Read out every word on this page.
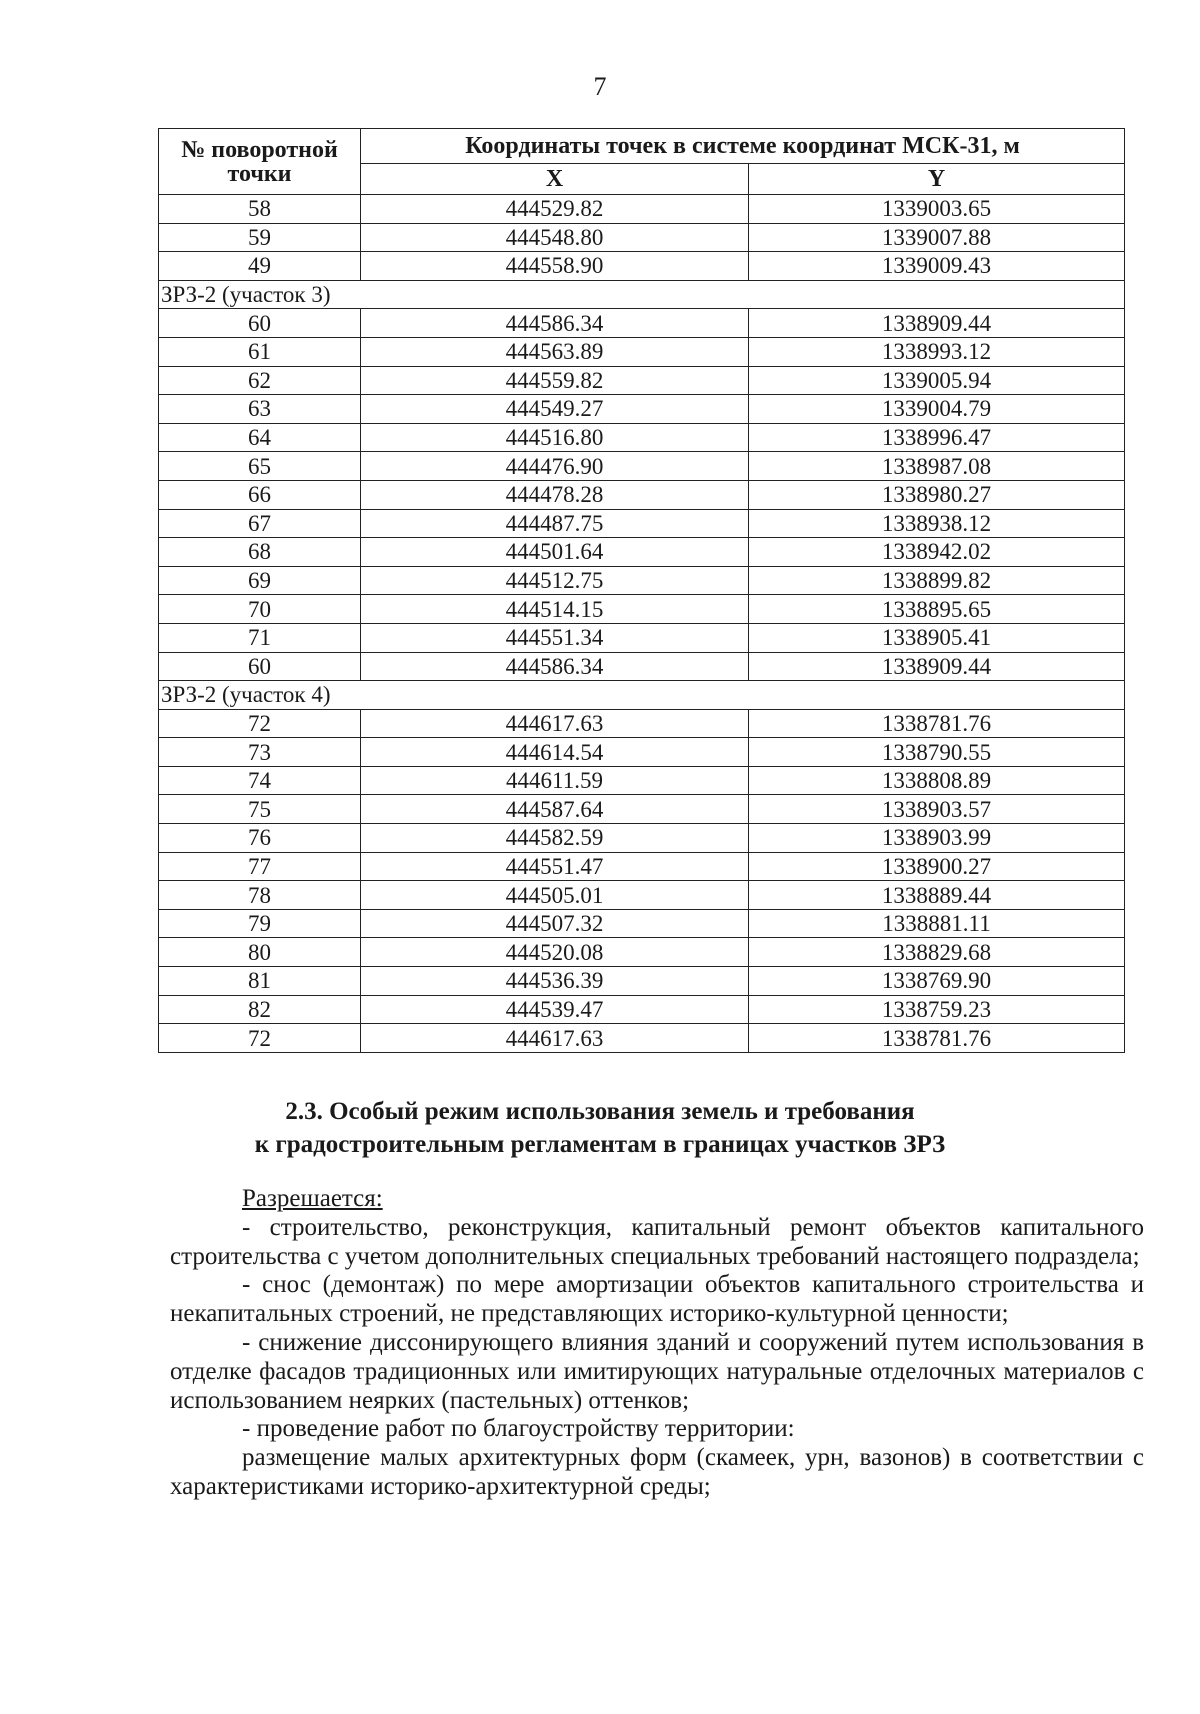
7
№ поворотной точки	Координаты точек в системе координат МСК-31, м	
	X	Y
58	444529.82	1339003.65
59	444548.80	1339007.88
49	444558.90	1339009.43
ЗРЗ-2 (участок 3)		
60	444586.34	1338909.44
61	444563.89	1338993.12
62	444559.82	1339005.94
63	444549.27	1339004.79
64	444516.80	1338996.47
65	444476.90	1338987.08
66	444478.28	1338980.27
67	444487.75	1338938.12
68	444501.64	1338942.02
69	444512.75	1338899.82
70	444514.15	1338895.65
71	444551.34	1338905.41
60	444586.34	1338909.44
ЗРЗ-2 (участок 4)		
72	444617.63	1338781.76
73	444614.54	1338790.55
74	444611.59	1338808.89
75	444587.64	1338903.57
76	444582.59	1338903.99
77	444551.47	1338900.27
78	444505.01	1338889.44
79	444507.32	1338881.11
80	444520.08	1338829.68
81	444536.39	1338769.90
82	444539.47	1338759.23
72	444617.63	1338781.76
2.3. Особый режим использования земель и требования
к градостроительным регламентам в границах участков ЗРЗ

Разрешается:

- строительство, реконструкция, капитальный ремонт объектов капитального строительства с учетом дополнительных специальных требований настоящего подраздела;

- снос (демонтаж) по мере амортизации объектов капитального строительства и некапитальных строений, не представляющих историко-культурной ценности;

- снижение диссонирующего влияния зданий и сооружений путем использования в отделке фасадов традиционных или имитирующих натуральные отделочных материалов с использованием неярких (пастельных) оттенков;

- проведение работ по благоустройству территории:

размещение малых архитектурных форм (скамеек, урн, вазонов) в соответствии с характеристиками историко-архитектурной среды;
